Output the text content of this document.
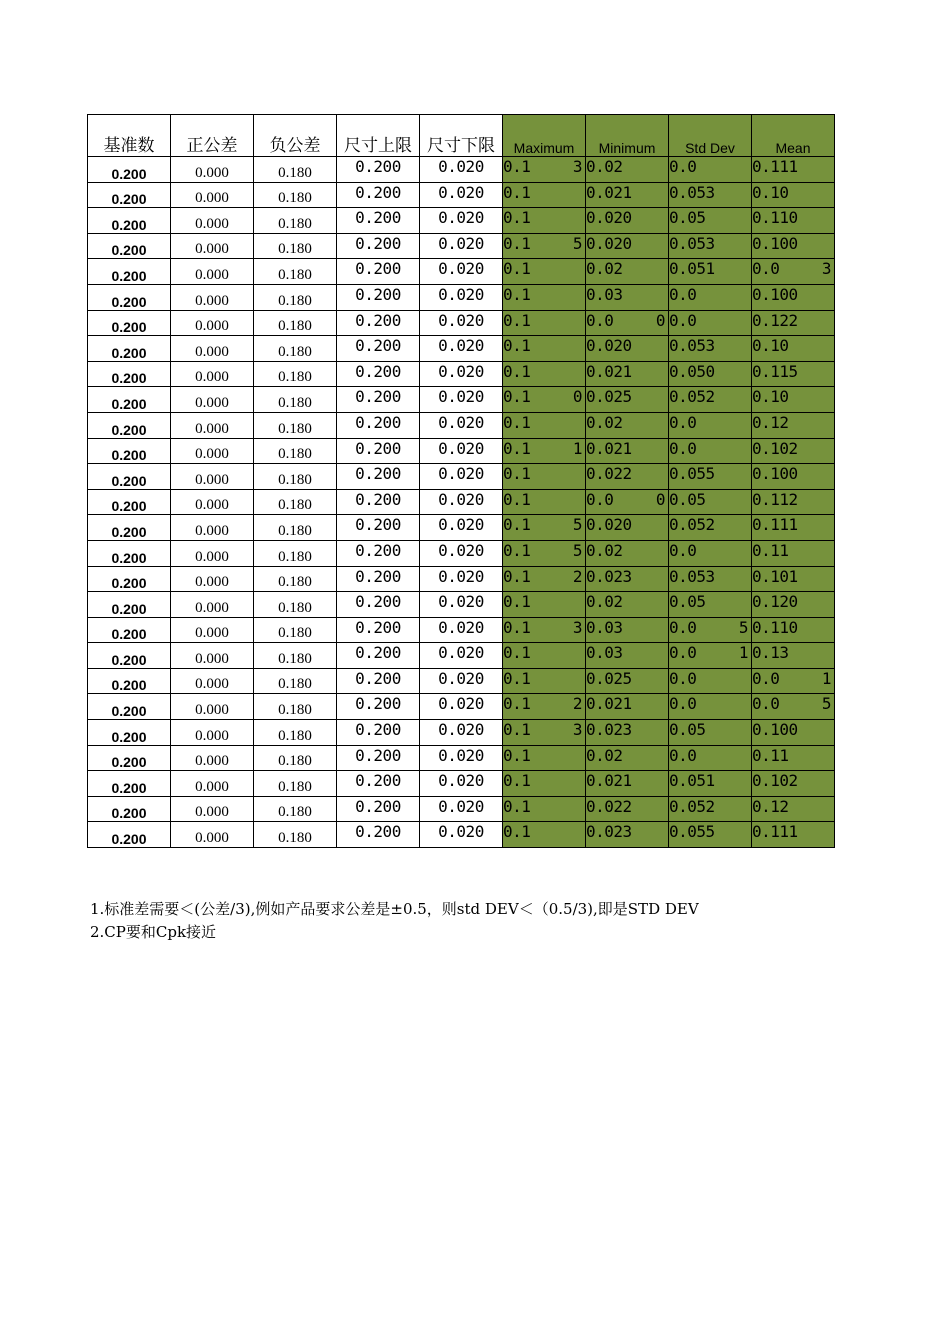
基准数	正公差	负公差	尺寸上限	尺寸下限	Maximum	Minimum	Std Dev	Mean
0.200	0.000	0.180	0.200	0.020	0.1 3	0.02	0.0	0.111

0.200	0.000	0.180	0.200	0.020	0.1	0.021	0.053	0.10

0.200	0.000	0.180	0.200	0.020	0.1	0.020	0.05	0.110

0.200	0.000	0.180	0.200	0.020	0.1 5	0.020	0.053	0.100

0.200	0.000	0.180	0.200	0.020	0.1	0.02	0.051	0.0 3

0.200	0.000	0.180	0.200	0.020	0.1	0.03	0.0	0.100

0.200	0.000	0.180	0.200	0.020	0.1	0.0 0	0.0	0.122

0.200	0.000	0.180	0.200	0.020	0.1	0.020	0.053	0.10

0.200	0.000	0.180	0.200	0.020	0.1	0.021	0.050	0.115

0.200	0.000	0.180	0.200	0.020	0.1 0	0.025	0.052	0.10

0.200	0.000	0.180	0.200	0.020	0.1	0.02	0.0	0.12

0.200	0.000	0.180	0.200	0.020	0.1 1	0.021	0.0	0.102

0.200	0.000	0.180	0.200	0.020	0.1	0.022	0.055	0.100

0.200	0.000	0.180	0.200	0.020	0.1	0.0 0	0.05	0.112

0.200	0.000	0.180	0.200	0.020	0.1 5	0.020	0.052	0.111

0.200	0.000	0.180	0.200	0.020	0.1 5	0.02	0.0	0.11

0.200	0.000	0.180	0.200	0.020	0.1 2	0.023	0.053	0.101

0.200	0.000	0.180	0.200	0.020	0.1	0.02	0.05	0.120

0.200	0.000	0.180	0.200	0.020	0.1 3	0.03	0.0 5	0.110

0.200	0.000	0.180	0.200	0.020	0.1	0.03	0.0 1	0.13

0.200	0.000	0.180	0.200	0.020	0.1	0.025	0.0	0.0 1

0.200	0.000	0.180	0.200	0.020	0.1 2	0.021	0.0	0.0 5

0.200	0.000	0.180	0.200	0.020	0.1 3	0.023	0.05	0.100

0.200	0.000	0.180	0.200	0.020	0.1	0.02	0.0	0.11

0.200	0.000	0.180	0.200	0.020	0.1	0.021	0.051	0.102

0.200	0.000	0.180	0.200	0.020	0.1	0.022	0.052	0.12

0.200	0.000	0.180	0.200	0.020	0.1	0.023	0.055	0.111
1.标准差需要＜(公差/3),例如产品要求公差是±0.5，则std DEV＜（0.5/3),即是STD DEV
2.CP要和Cpk接近
